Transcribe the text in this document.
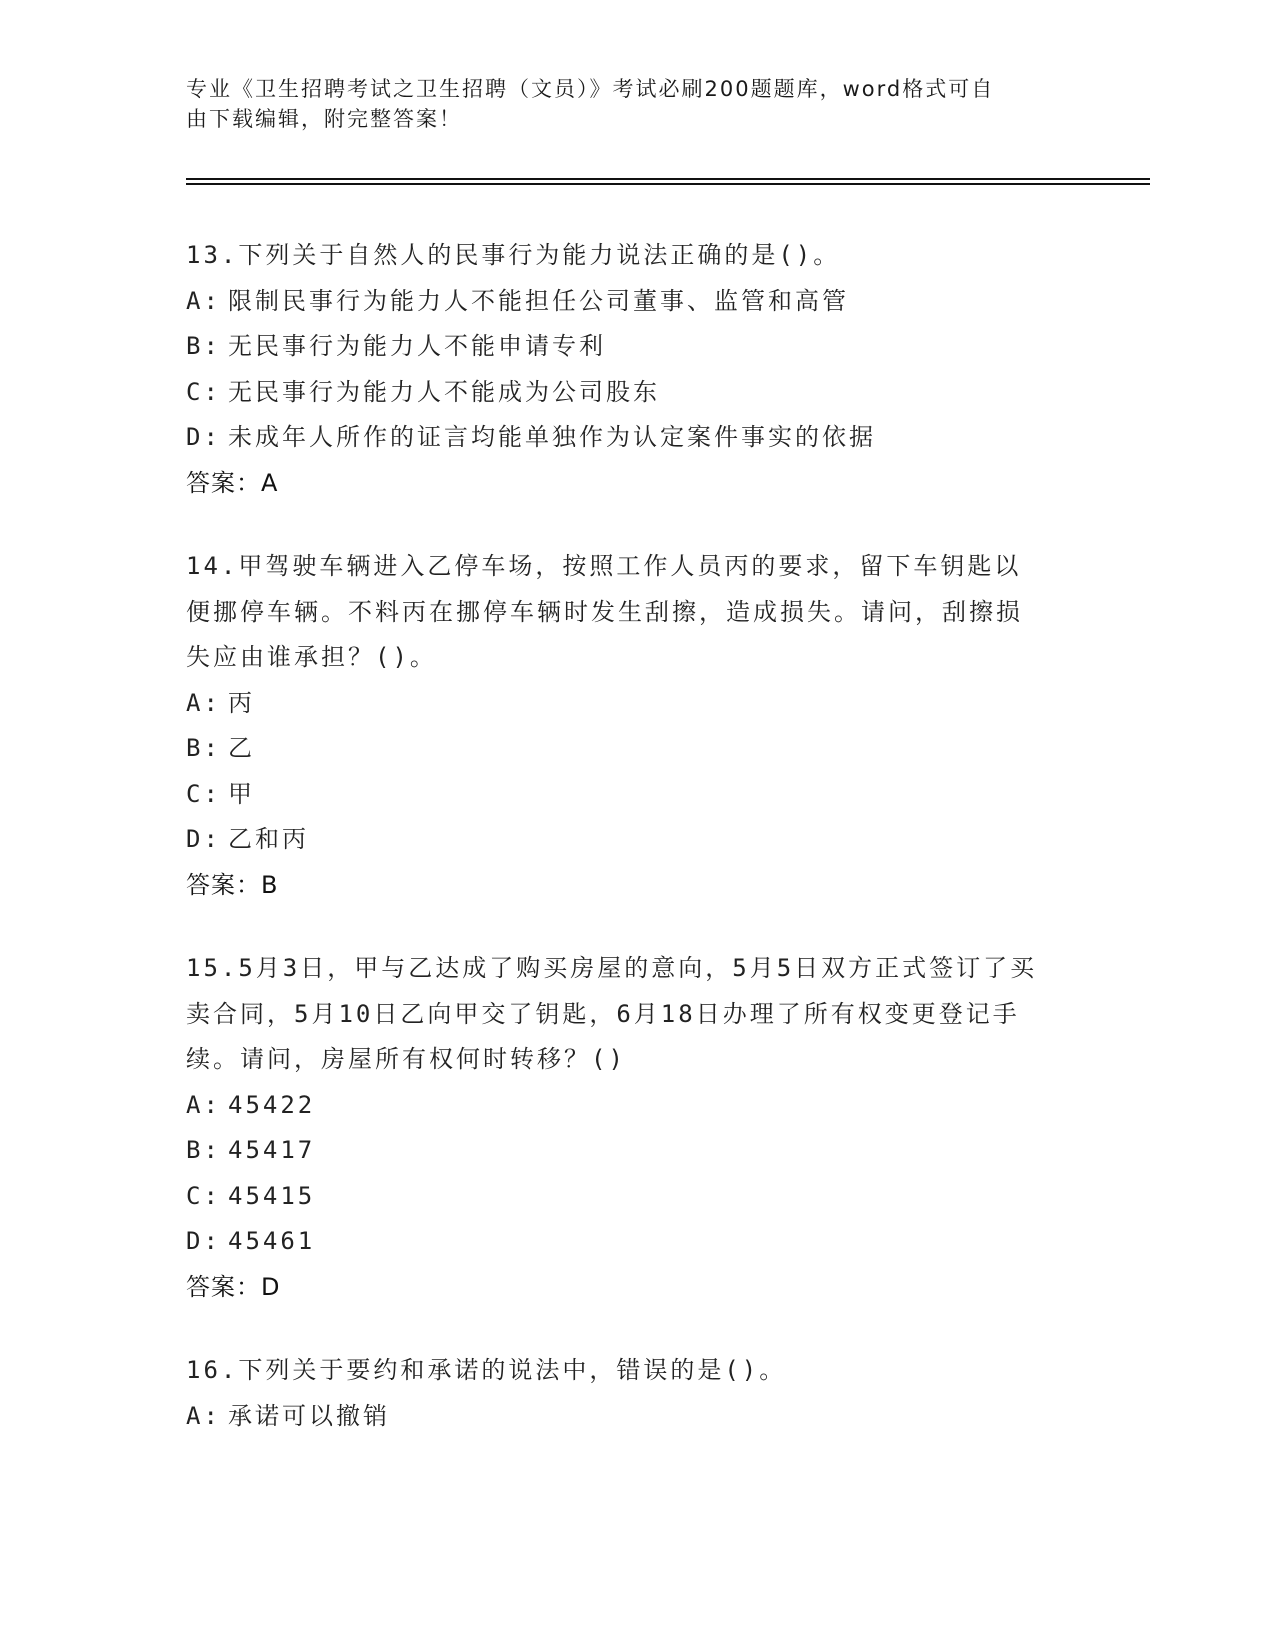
专业《卫生招聘考试之卫生招聘（文员）》考试必刷200题题库，word格式可自
由下载编辑，附完整答案！
13.下列关于自然人的民事行为能力说法正确的是()。
A: 限制民事行为能力人不能担任公司董事、监管和高管
B: 无民事行为能力人不能申请专利
C: 无民事行为能力人不能成为公司股东
D: 未成年人所作的证言均能单独作为认定案件事实的依据
答案：A
14.甲驾驶车辆进入乙停车场，按照工作人员丙的要求，留下车钥匙以便挪停车辆。不料丙在挪停车辆时发生刮擦，造成损失。请问，刮擦损失应由谁承担？()。
A: 丙
B: 乙
C: 甲
D: 乙和丙
答案：B
15.5月3日，甲与乙达成了购买房屋的意向，5月5日双方正式签订了买卖合同，5月10日乙向甲交了钥匙，6月18日办理了所有权变更登记手续。请问，房屋所有权何时转移？()
A: 45422
B: 45417
C: 45415
D: 45461
答案：D
16.下列关于要约和承诺的说法中，错误的是()。
A: 承诺可以撤销
